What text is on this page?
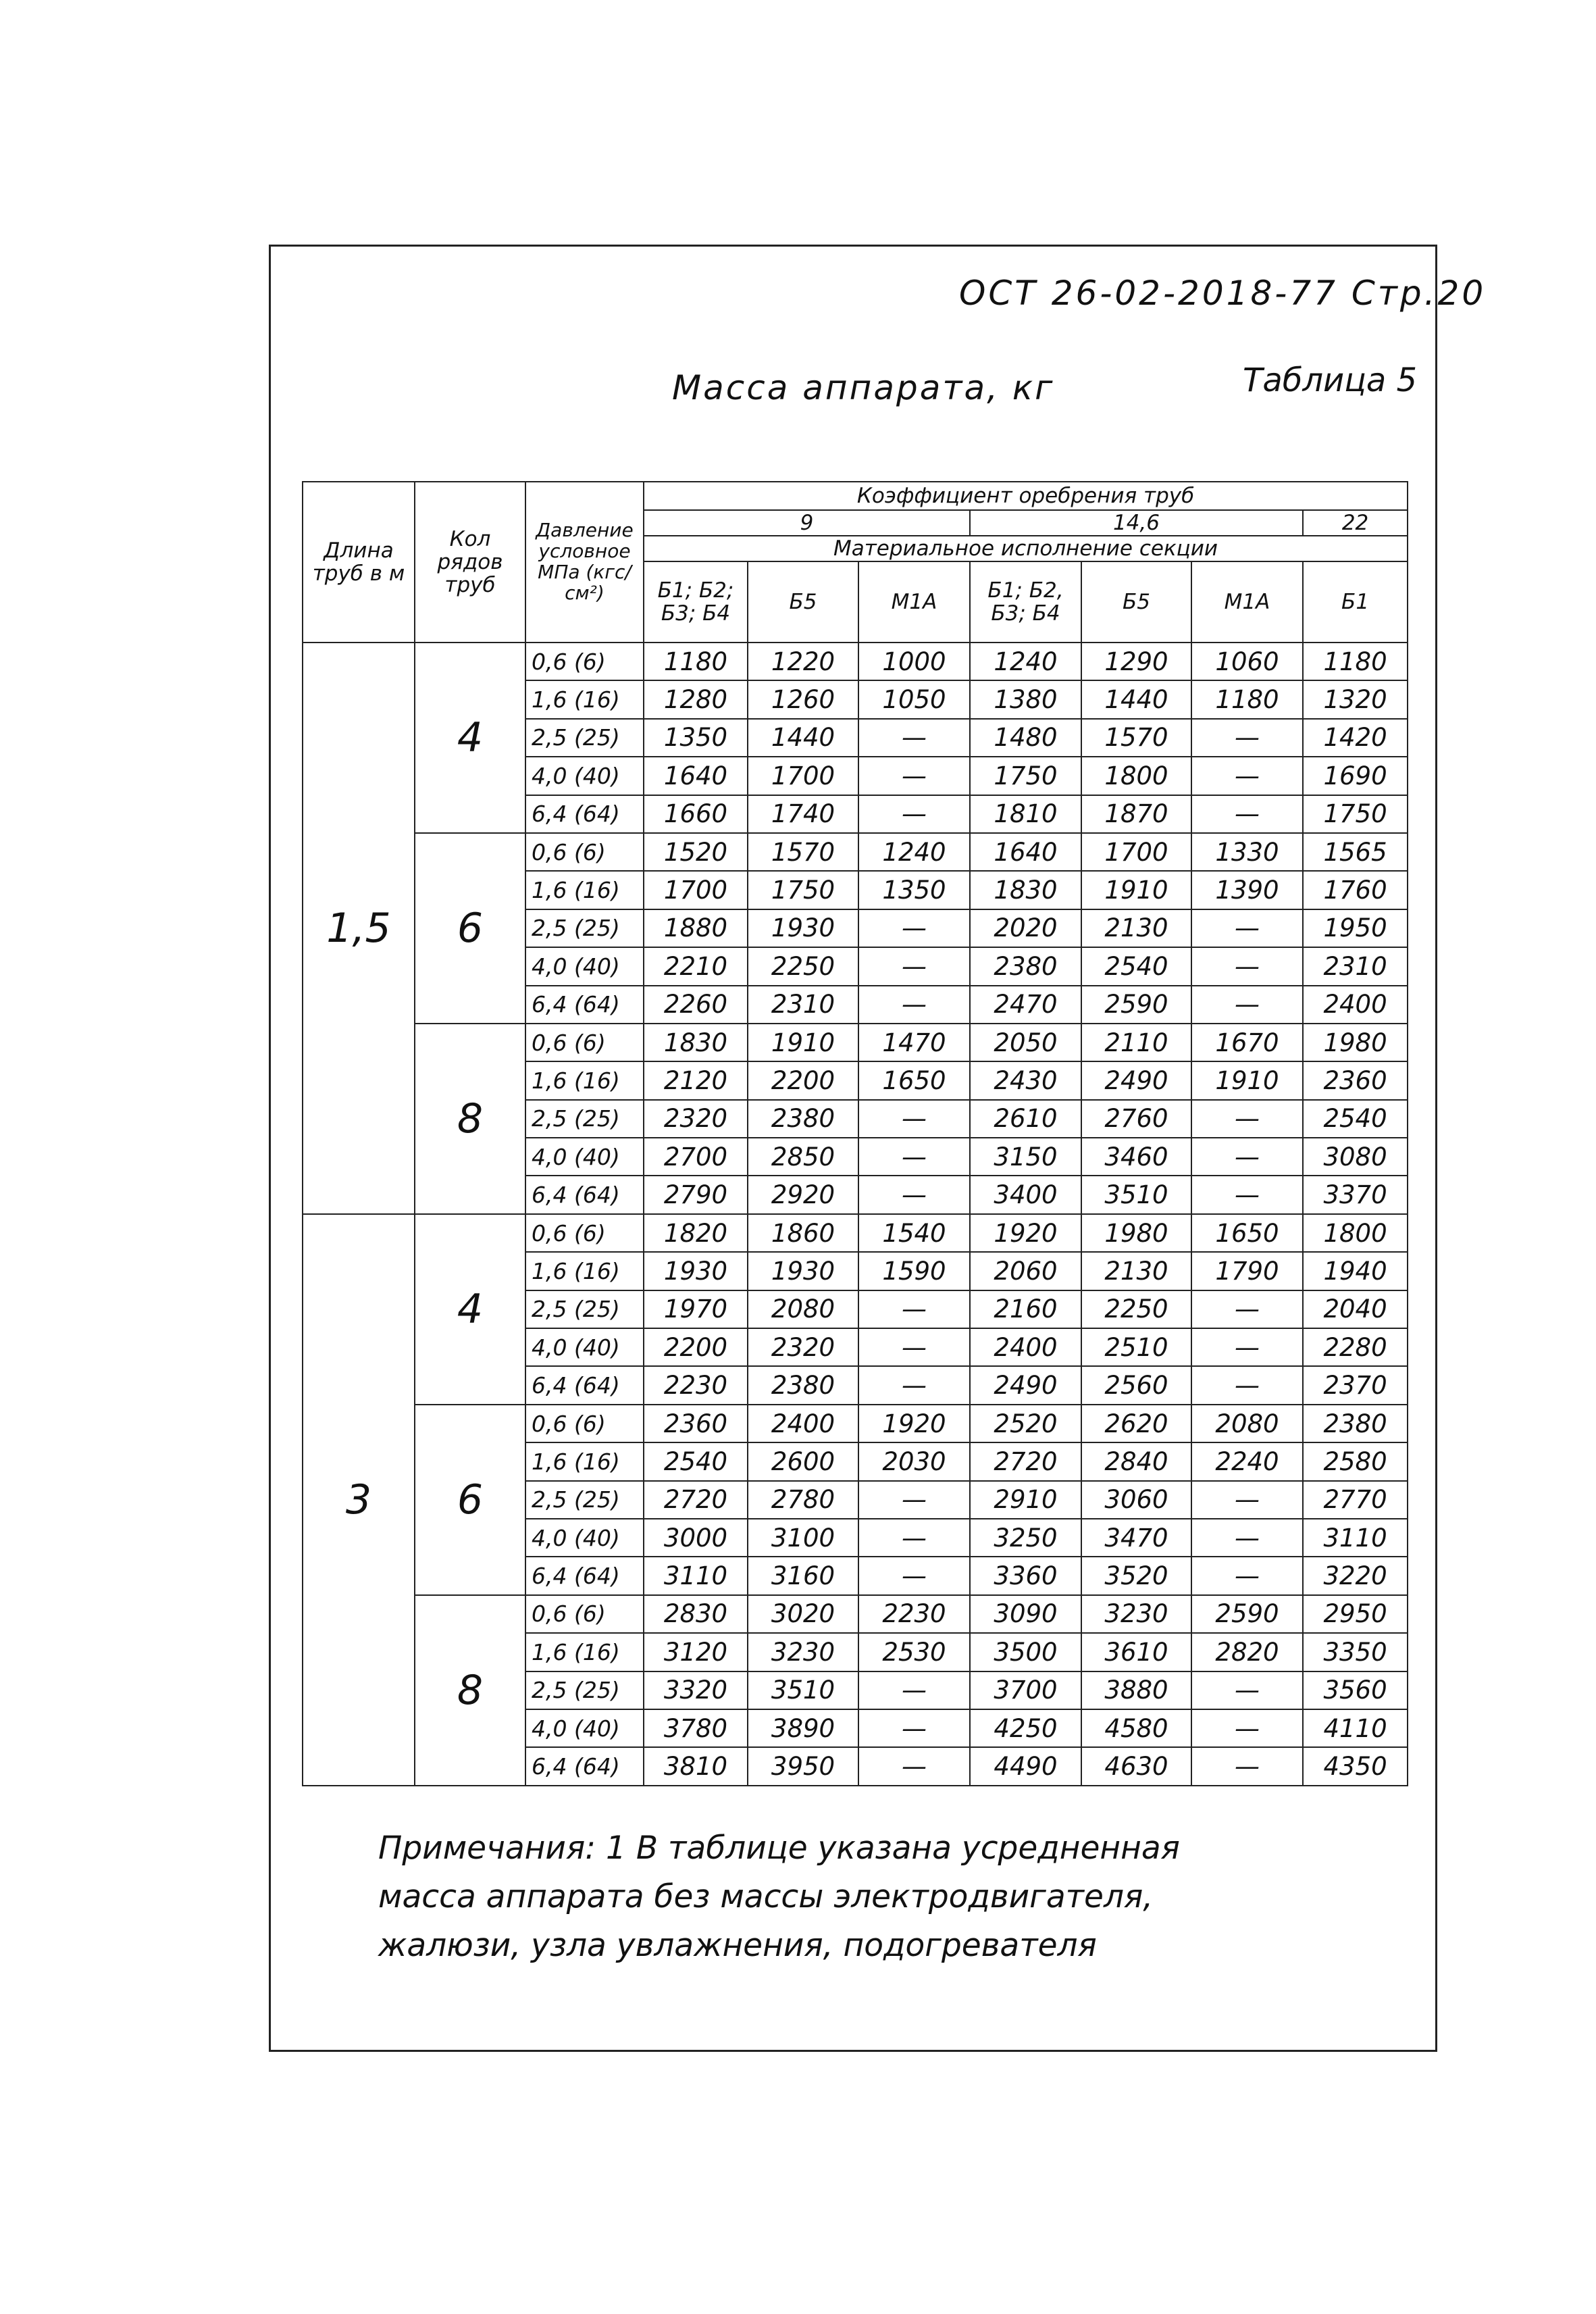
ОСТ 26-02-2018-77 Стр.20
Масса аппарата, кг	Таблица 5
Длина труб в м	Кол рядов труб	Давление условное МПа (кгс/см²)	Коэффициент оребрения труб						
			9			14,6			22
			Материальное исполнение секции						
			Б1; Б2; Б3; Б4	Б5	М1А	Б1; Б2, Б3; Б4	Б5	М1А	Б1
1,5	4	0,6 (6)	1180	1220	1000	1240	1290	1060	1180
		1,6 (16)	1280	1260	1050	1380	1440	1180	1320
		2,5 (25)	1350	1440	—	1480	1570	—	1420
		4,0 (40)	1640	1700	—	1750	1800	—	1690
		6,4 (64)	1660	1740	—	1810	1870	—	1750
	6	0,6 (6)	1520	1570	1240	1640	1700	1330	1565
		1,6 (16)	1700	1750	1350	1830	1910	1390	1760
		2,5 (25)	1880	1930	—	2020	2130	—	1950
		4,0 (40)	2210	2250	—	2380	2540	—	2310
		6,4 (64)	2260	2310	—	2470	2590	—	2400
	8	0,6 (6)	1830	1910	1470	2050	2110	1670	1980
		1,6 (16)	2120	2200	1650	2430	2490	1910	2360
		2,5 (25)	2320	2380	—	2610	2760	—	2540
		4,0 (40)	2700	2850	—	3150	3460	—	3080
		6,4 (64)	2790	2920	—	3400	3510	—	3370
3	4	0,6 (6)	1820	1860	1540	1920	1980	1650	1800
		1,6 (16)	1930	1930	1590	2060	2130	1790	1940
		2,5 (25)	1970	2080	—	2160	2250	—	2040
		4,0 (40)	2200	2320	—	2400	2510	—	2280
		6,4 (64)	2230	2380	—	2490	2560	—	2370
	6	0,6 (6)	2360	2400	1920	2520	2620	2080	2380
		1,6 (16)	2540	2600	2030	2720	2840	2240	2580
		2,5 (25)	2720	2780	—	2910	3060	—	2770
		4,0 (40)	3000	3100	—	3250	3470	—	3110
		6,4 (64)	3110	3160	—	3360	3520	—	3220
	8	0,6 (6)	2830	3020	2230	3090	3230	2590	2950
		1,6 (16)	3120	3230	2530	3500	3610	2820	3350
		2,5 (25)	3320	3510	—	3700	3880	—	3560
		4,0 (40)	3780	3890	—	4250	4580	—	4110
		6,4 (64)	3810	3950	—	4490	4630	—	4350
Примечания: 1 В таблице указана усредненная
масса аппарата без массы электродвигателя,
жалюзи, узла увлажнения, подогревателя
